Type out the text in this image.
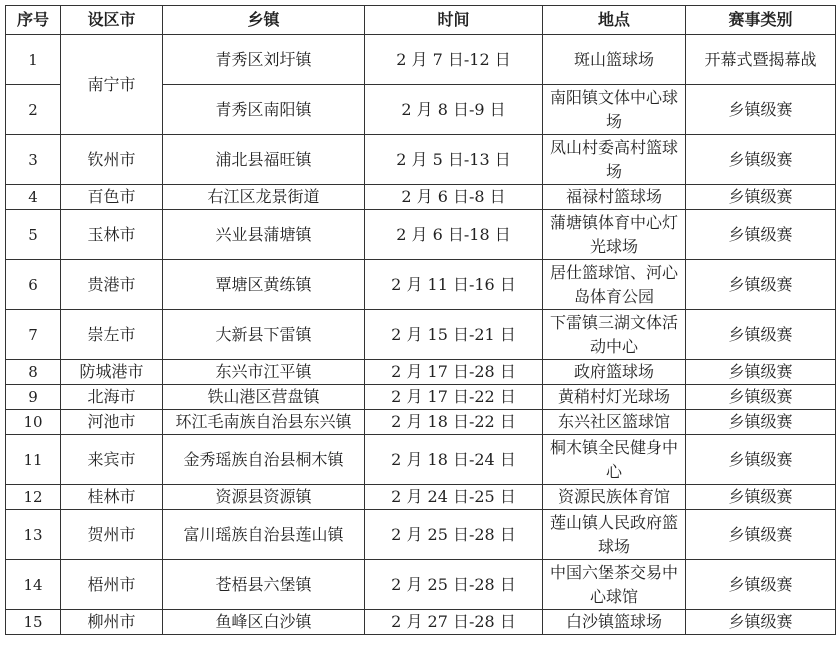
序号	设区市	乡镇	时间	地点	赛事类别
1	南宁市	青秀区刘圩镇	2 月 7 日-12 日	斑山篮球场	开幕式暨揭幕战
2		青秀区南阳镇	2 月 8 日-9 日	南阳镇文体中心球场	乡镇级赛
3	钦州市	浦北县福旺镇	2 月 5 日-13 日	凤山村委高村篮球场	乡镇级赛
4	百色市	右江区龙景街道	2 月 6 日-8 日	福禄村篮球场	乡镇级赛
5	玉林市	兴业县蒲塘镇	2 月 6 日-18 日	蒲塘镇体育中心灯光球场	乡镇级赛
6	贵港市	覃塘区黄练镇	2 月 11 日-16 日	居仕篮球馆、河心岛体育公园	乡镇级赛
7	崇左市	大新县下雷镇	2 月 15 日-21 日	下雷镇三湖文体活动中心	乡镇级赛
8	防城港市	东兴市江平镇	2 月 17 日-28 日	政府篮球场	乡镇级赛
9	北海市	铁山港区营盘镇	2 月 17 日-22 日	黄稍村灯光球场	乡镇级赛
10	河池市	环江毛南族自治县东兴镇	2 月 18 日-22 日	东兴社区篮球馆	乡镇级赛
11	来宾市	金秀瑶族自治县桐木镇	2 月 18 日-24 日	桐木镇全民健身中心	乡镇级赛
12	桂林市	资源县资源镇	2 月 24 日-25 日	资源民族体育馆	乡镇级赛
13	贺州市	富川瑶族自治县莲山镇	2 月 25 日-28 日	莲山镇人民政府篮球场	乡镇级赛
14	梧州市	苍梧县六堡镇	2 月 25 日-28 日	中国六堡茶交易中心球馆	乡镇级赛
15	柳州市	鱼峰区白沙镇	2 月 27 日-28 日	白沙镇篮球场	乡镇级赛
